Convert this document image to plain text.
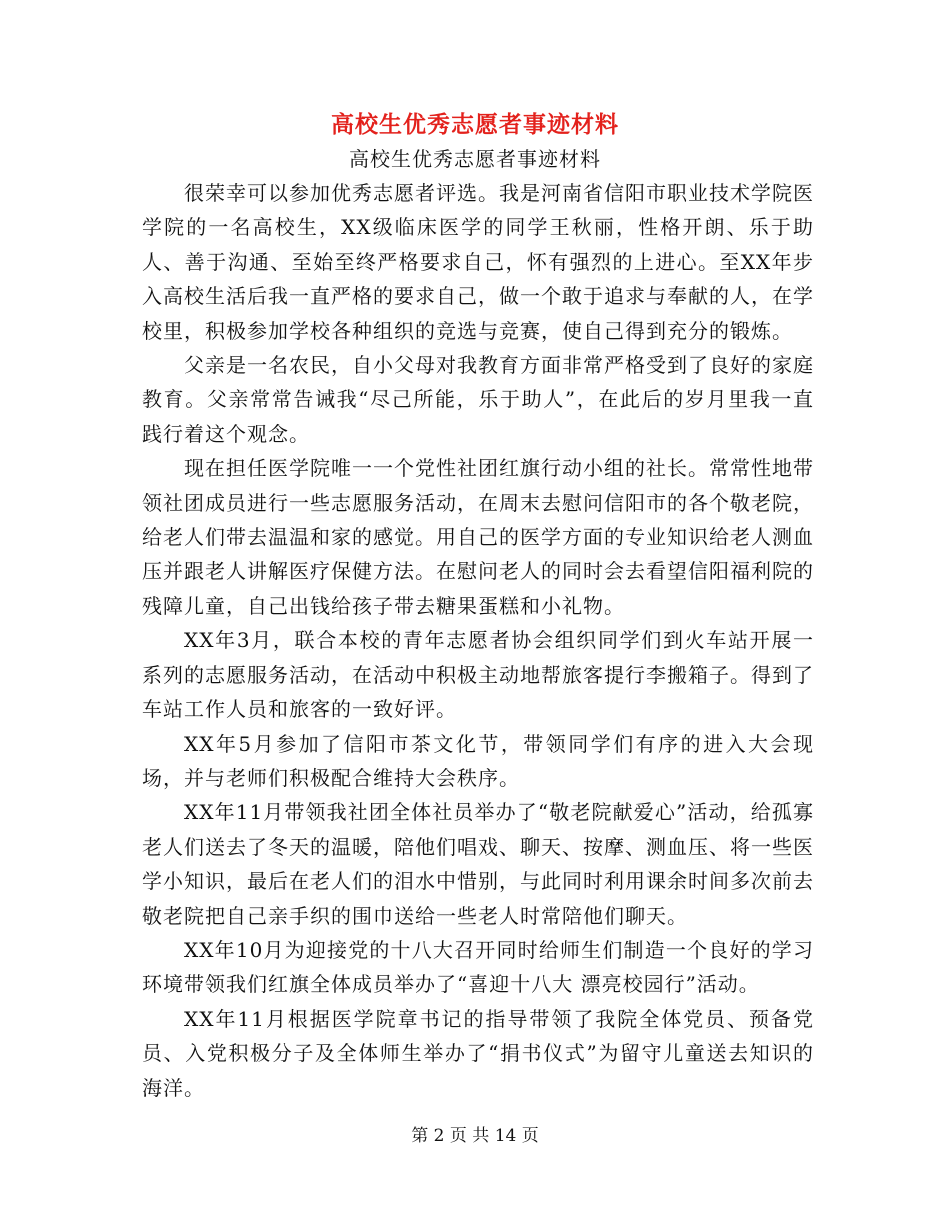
高校生优秀志愿者事迹材料
高校生优秀志愿者事迹材料

很荣幸可以参加优秀志愿者评选。我是河南省信阳市职业技术学院医学院的一名高校生，XX级临床医学的同学王秋丽，性格开朗、乐于助人、善于沟通、至始至终严格要求自己，怀有强烈的上进心。至XX年步入高校生活后我一直严格的要求自己，做一个敢于追求与奉献的人，在学校里，积极参加学校各种组织的竞选与竞赛，使自己得到充分的锻炼。

父亲是一名农民，自小父母对我教育方面非常严格受到了良好的家庭教育。父亲常常告诫我“尽己所能，乐于助人”，在此后的岁月里我一直践行着这个观念。

现在担任医学院唯一一个党性社团红旗行动小组的社长。常常性地带领社团成员进行一些志愿服务活动，在周末去慰问信阳市的各个敬老院，给老人们带去温温和家的感觉。用自己的医学方面的专业知识给老人测血压并跟老人讲解医疗保健方法。在慰问老人的同时会去看望信阳福利院的残障儿童，自己出钱给孩子带去糖果蛋糕和小礼物。

XX年3月，联合本校的青年志愿者协会组织同学们到火车站开展一系列的志愿服务活动，在活动中积极主动地帮旅客提行李搬箱子。得到了车站工作人员和旅客的一致好评。

XX年5月参加了信阳市茶文化节，带领同学们有序的进入大会现场，并与老师们积极配合维持大会秩序。

XX年11月带领我社团全体社员举办了“敬老院献爱心”活动，给孤寡老人们送去了冬天的温暖，陪他们唱戏、聊天、按摩、测血压、将一些医学小知识，最后在老人们的泪水中惜别，与此同时利用课余时间多次前去敬老院把自己亲手织的围巾送给一些老人时常陪他们聊天。

XX年10月为迎接党的十八大召开同时给师生们制造一个良好的学习环境带领我们红旗全体成员举办了“喜迎十八大 漂亮校园行”活动。

XX年11月根据医学院章书记的指导带领了我院全体党员、预备党员、入党积极分子及全体师生举办了“捐书仪式”为留守儿童送去知识的海洋。

第 2 页 共 14 页
